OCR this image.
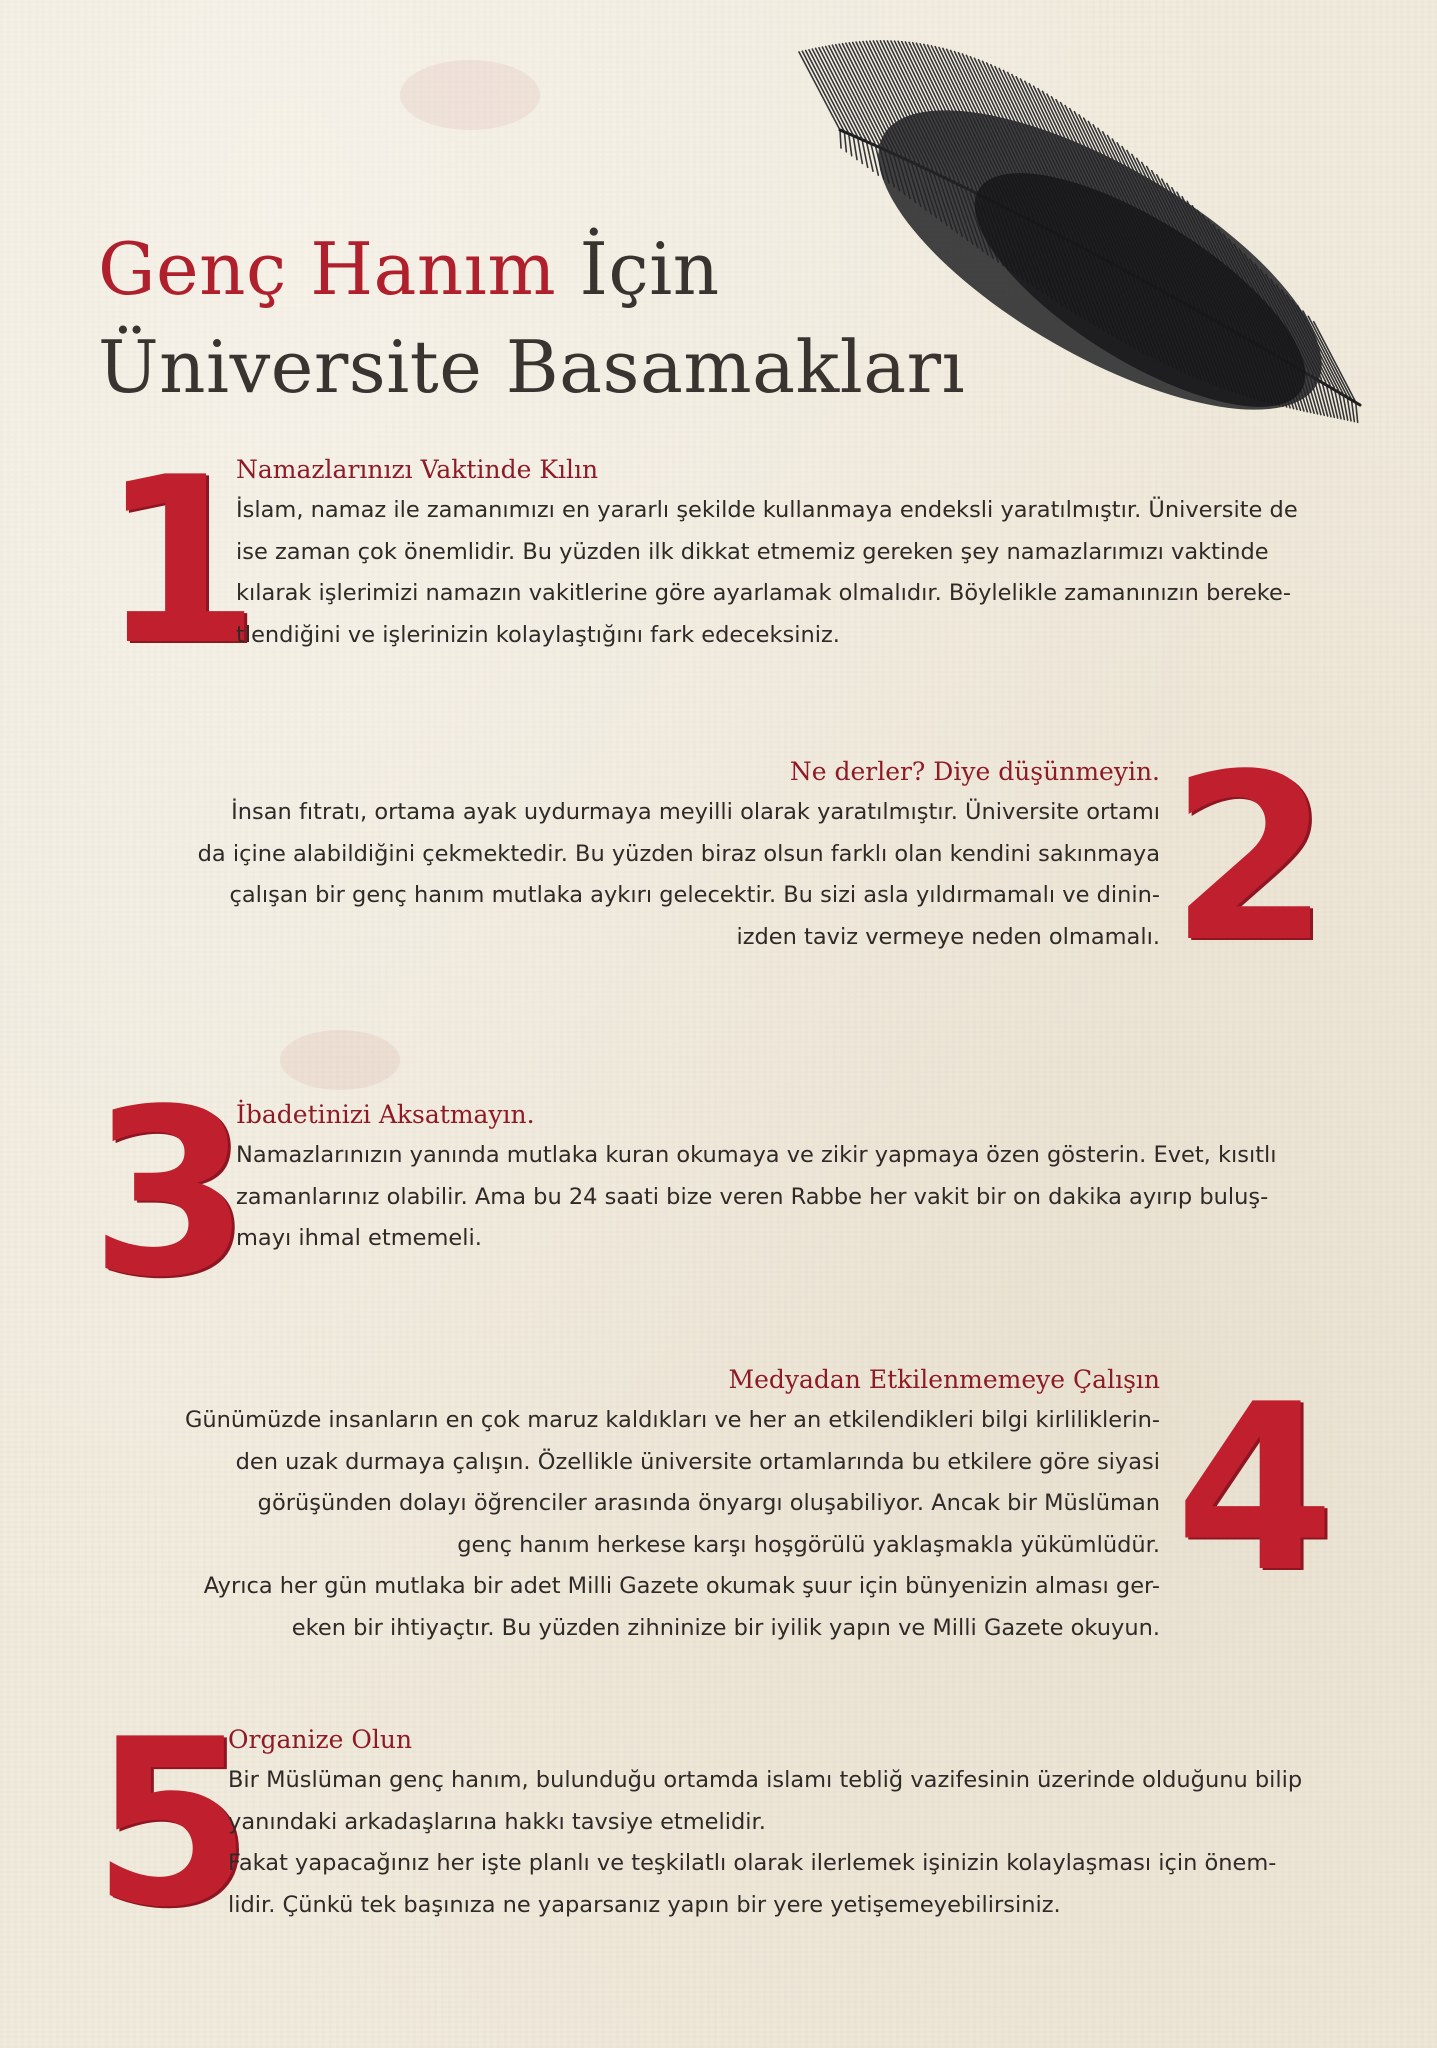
Genç Hanım İçin
Üniversite Basamakları
1
Namazlarınızı Vaktinde Kılın

İslam, namaz ile zamanımızı en yararlı şekilde kullanmaya endeksli yaratılmıştır. Üniversite de

ise zaman çok önemlidir. Bu yüzden ilk dikkat etmemiz gereken şey namazlarımızı vaktinde

kılarak işlerimizi namazın vakitlerine göre ayarlamak olmalıdır. Böylelikle zamanınızın bereke-

tlendiğini ve işlerinizin kolaylaştığını fark edeceksiniz.

Ne derler? Diye düşünmeyin.

İnsan fıtratı, ortama ayak uydurmaya meyilli olarak yaratılmıştır. Üniversite ortamı

da içine alabildiğini çekmektedir. Bu yüzden biraz olsun farklı olan kendini sakınmaya

çalışan bir genç hanım mutlaka aykırı gelecektir. Bu sizi asla yıldırmamalı ve dinin-

izden taviz vermeye neden olmamalı. 2
3
İbadetinizi Aksatmayın.

Namazlarınızın yanında mutlaka kuran okumaya ve zikir yapmaya özen gösterin. Evet, kısıtlı

zamanlarınız olabilir. Ama bu 24 saati bize veren Rabbe her vakit bir on dakika ayırıp buluş-

mayı ihmal etmemeli.

Medyadan Etkilenmemeye Çalışın

Günümüzde insanların en çok maruz kaldıkları ve her an etkilendikleri bilgi kirliliklerin-

den uzak durmaya çalışın. Özellikle üniversite ortamlarında bu etkilere göre siyasi

görüşünden dolayı öğrenciler arasında önyargı oluşabiliyor. Ancak bir Müslüman

genç hanım herkese karşı hoşgörülü yaklaşmakla yükümlüdür.

Ayrıca her gün mutlaka bir adet Milli Gazete okumak şuur için bünyenizin alması ger-

eken bir ihtiyaçtır. Bu yüzden zihninize bir iyilik yapın ve Milli Gazete okuyun.

4
5
Organize Olun

Bir Müslüman genç hanım, bulunduğu ortamda islamı tebliğ vazifesinin üzerinde olduğunu bilip

yanındaki arkadaşlarına hakkı tavsiye etmelidir.

Fakat yapacağınız her işte planlı ve teşkilatlı olarak ilerlemek işinizin kolaylaşması için önem-

lidir. Çünkü tek başınıza ne yaparsanız yapın bir yere yetişemeyebilirsiniz.
